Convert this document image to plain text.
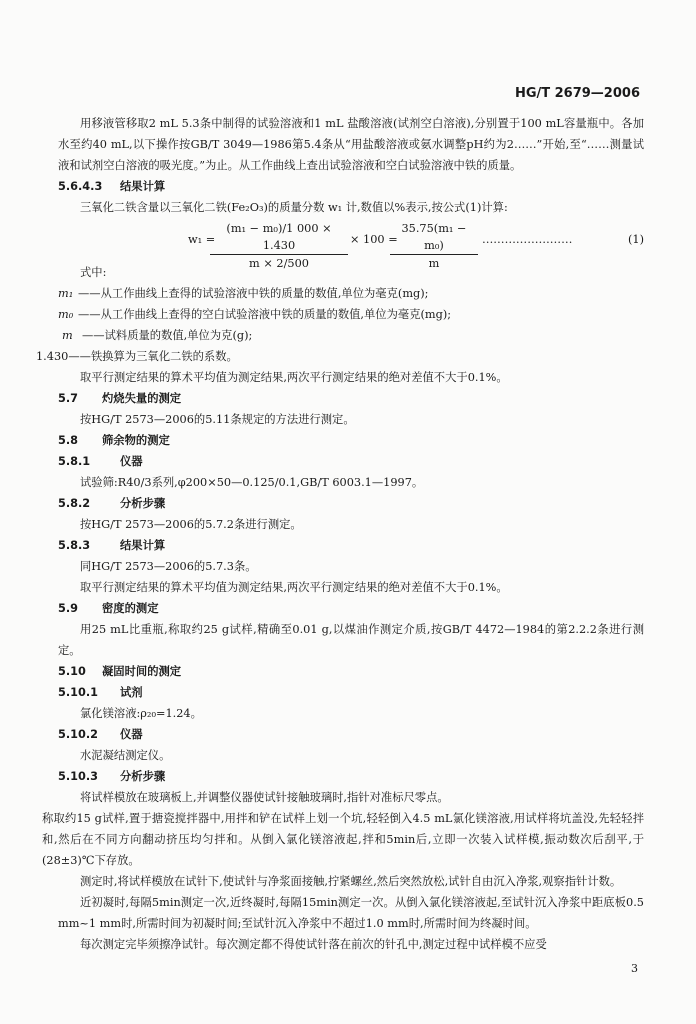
HG/T 2679—2006

用移液管移取2 mL 5.3条中制得的试验溶液和1 mL 盐酸溶液(试剂空白溶液),分别置于100 mL容量瓶中。各加水至约40 mL,以下操作按GB/T 3049—1986第5.4条从“用盐酸溶液或氨水调整pH约为2……”开始,至“……测量试液和试剂空白溶液的吸光度。”为止。从工作曲线上查出试验溶液和空白试验溶液中铁的质量。

5.6.4.3 结果计算

三氧化二铁含量以三氧化二铁(Fe₂O₃)的质量分数 w₁ 计,数值以%表示,按公式(1)计算:

w₁ =
$\frac{\text{(m₁ − m₀)/1 000 × 1.430}}{m \times 2/500} \times 100$ =
$\frac{\text{35.75(m₁ − m₀)}}{m}$ ……………………	(1)

式中:

m₁ ——从工作曲线上查得的试验溶液中铁的质量的数值,单位为毫克(mg);

m₀ ——从工作曲线上查得的空白试验溶液中铁的质量的数值,单位为毫克(mg);

m ——试料质量的数值,单位为克(g);

1.430——铁换算为三氧化二铁的系数。

取平行测定结果的算术平均值为测定结果,两次平行测定结果的绝对差值不大于0.1%。

5.7 灼烧失量的测定

按HG/T 2573—2006的5.11条规定的方法进行测定。

5.8 筛余物的测定

5.8.1	仪器

试验筛:R40/3系列,φ200×50—0.125/0.1,GB/T 6003.1—1997。

5.8.2	分析步骤

按HG/T 2573—2006的5.7.2条进行测定。

5.8.3	结果计算

同HG/T 2573—2006的5.7.3条。

取平行测定结果的算术平均值为测定结果,两次平行测定结果的绝对差值不大于0.1%。

5.9 密度的测定

用25 mL比重瓶,称取约25 g试样,精确至0.01 g,以煤油作测定介质,按GB/T 4472—1984的第2.2.2条进行测定。

5.10 凝固时间的测定

5.10.1 试剂

氯化镁溶液:ρ₂₀=1.24。

5.10.2 仪器

水泥凝结测定仪。

5.10.3 分析步骤

将试样模放在玻璃板上,并调整仪器使试针接触玻璃时,指针对准标尺零点。

称取约15 g试样,置于搪瓷搅拌器中,用拌和铲在试样上划一个坑,轻轻倒入4.5 mL氯化镁溶液,用试样将坑盖没,先轻轻拌和,然后在不同方向翻动挤压均匀拌和。从倒入氯化镁溶液起,拌和5min后,立即一次装入试样模,振动数次后刮平,于(28±3)℃下存放。

测定时,将试样模放在试针下,使试针与净浆面接触,拧紧螺丝,然后突然放松,试针自由沉入净浆,观察指针计数。

近初凝时,每隔5min测定一次,近终凝时,每隔15min测定一次。从倒入氯化镁溶液起,至试针沉入净浆中距底板0.5 mm~1 mm时,所需时间为初凝时间;至试针沉入净浆中不超过1.0 mm时,所需时间为终凝时间。

每次测定完毕须擦净试针。每次测定都不得使试针落在前次的针孔中,测定过程中试样模不应受

3
